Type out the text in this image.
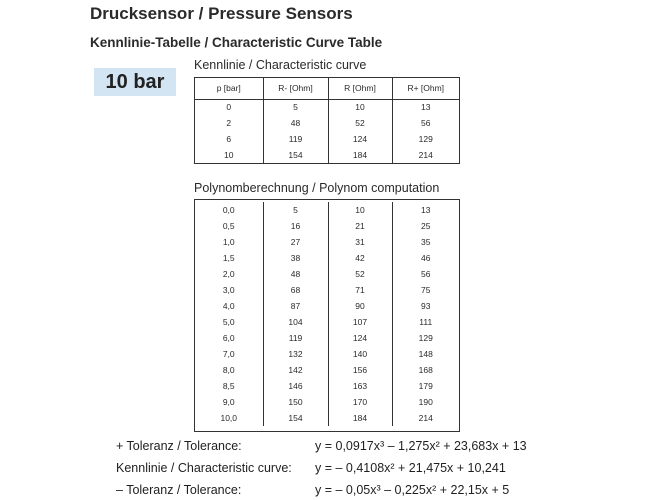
Drucksensor / Pressure Sensors
Kennlinie-Tabelle / Characteristic Curve Table
10 bar
Kennlinie / Characteristic curve
p [bar]	R- [Ohm]	R [Ohm]	R+ [Ohm]
0	5	10	13
2	48	52	56
6	119	124	129
10	154	184	214
Polynomberechnung / Polynom computation
0,0	5	10	13
0,5	16	21	25
1,0	27	31	35
1,5	38	42	46
2,0	48	52	56
3,0	68	71	75
4,0	87	90	93
5,0	104	107	111
6,0	119	124	129
7,0	132	140	148
8,0	142	156	168
8,5	146	163	179
9,0	150	170	190
10,0	154	184	214
+ Toleranz / Tolerance:	y = 0,0917x³ – 1,275x² + 23,683x + 13
Kennlinie / Characteristic curve: y = – 0,4108x² + 21,475x + 10,241
– Toleranz / Tolerance:	y = – 0,05x³ – 0,225x² + 22,15x + 5
